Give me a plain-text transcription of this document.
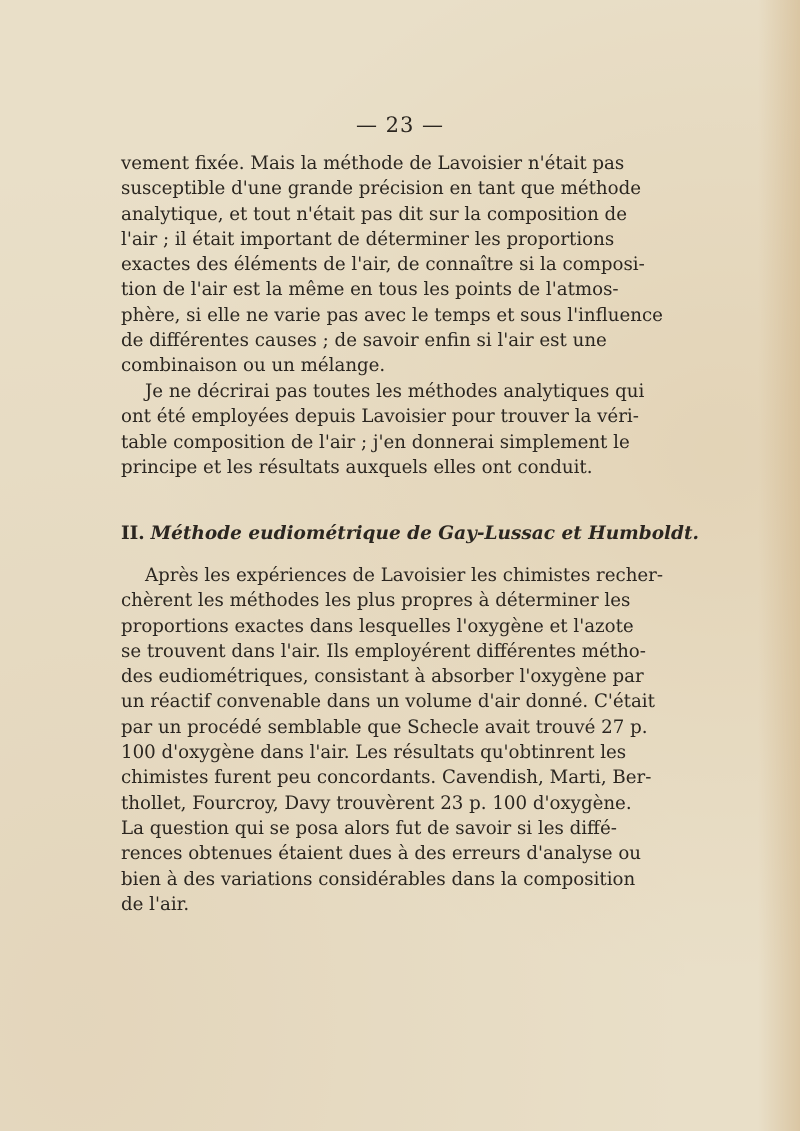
— 23 —
vement fixée. Mais la méthode de Lavoisier n'était pas
susceptible d'une grande précision en tant que méthode
analytique, et tout n'était pas dit sur la composition de
l'air ; il était important de déterminer les proportions
exactes des éléments de l'air, de connaître si la composi-
tion de l'air est la même en tous les points de l'atmos-
phère, si elle ne varie pas avec le temps et sous l'influence
de différentes causes ; de savoir enfin si l'air est une
combinaison ou un mélange.
Je ne décrirai pas toutes les méthodes analytiques qui
ont été employées depuis Lavoisier pour trouver la véri-
table composition de l'air ; j'en donnerai simplement le
principe et les résultats auxquels elles ont conduit.
II. Méthode eudiométrique de Gay-Lussac et Humboldt.
Après les expériences de Lavoisier les chimistes recher-
chèrent les méthodes les plus propres à déterminer les
proportions exactes dans lesquelles l'oxygène et l'azote
se trouvent dans l'air. Ils employérent différentes métho-
des eudiométriques, consistant à absorber l'oxygène par
un réactif convenable dans un volume d'air donné. C'était
par un procédé semblable que Schecle avait trouvé 27 p.
100 d'oxygène dans l'air. Les résultats qu'obtinrent les
chimistes furent peu concordants. Cavendish, Marti, Ber-
thollet, Fourcroy, Davy trouvèrent 23 p. 100 d'oxygène.
La question qui se posa alors fut de savoir si les diffé-
rences obtenues étaient dues à des erreurs d'analyse ou
bien à des variations considérables dans la composition
de l'air.
